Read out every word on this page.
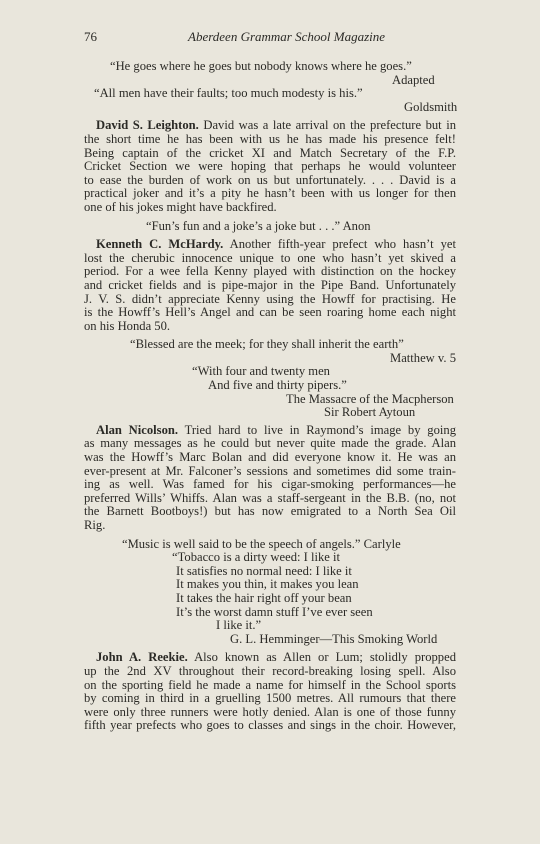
76	Aberdeen Grammar School Magazine
“He goes where he goes but nobody knows where he goes.”
Adapted
“All men have their faults; too much modesty is his.”
Goldsmith
David S. Leighton. David was a late arrival on the prefecture but in
the short time he has been with us he has made his presence felt!
Being captain of the cricket XI and Match Secretary of the F.P.
Cricket Section we were hoping that perhaps he would volunteer
to ease the burden of work on us but unfortunately. . . . David is a
practical joker and it’s a pity he hasn’t been with us longer for then
one of his jokes might have backfired.
“Fun’s fun and a joke’s a joke but . . .” Anon
Kenneth C. McHardy. Another fifth-year prefect who hasn’t yet
lost the cherubic innocence unique to one who hasn’t yet skived a
period. For a wee fella Kenny played with distinction on the hockey
and cricket fields and is pipe-major in the Pipe Band. Unfortunately
J. V. S. didn’t appreciate Kenny using the Howff for practising. He
is the Howff’s Hell’s Angel and can be seen roaring home each night
on his Honda 50.
“Blessed are the meek; for they shall inherit the earth”
Matthew v. 5
“With four and twenty men
And five and thirty pipers.”
The Massacre of the Macpherson
Sir Robert Aytoun
Alan Nicolson. Tried hard to live in Raymond’s image by going
as many messages as he could but never quite made the grade. Alan
was the Howff’s Marc Bolan and did everyone know it. He was an
ever-present at Mr. Falconer’s sessions and sometimes did some train-
ing as well. Was famed for his cigar-smoking performances—he
preferred Wills’ Whiffs. Alan was a staff-sergeant in the B.B. (no, not
the Barnett Bootboys!) but has now emigrated to a North Sea Oil
Rig.
“Music is well said to be the speech of angels.” Carlyle
“Tobacco is a dirty weed: I like it
It satisfies no normal need: I like it
It makes you thin, it makes you lean
It takes the hair right off your bean
It’s the worst damn stuff I’ve ever seen
I like it.”
G. L. Hemminger—This Smoking World
John A. Reekie. Also known as Allen or Lum; stolidly propped
up the 2nd XV throughout their record-breaking losing spell. Also
on the sporting field he made a name for himself in the School sports
by coming in third in a gruelling 1500 metres. All rumours that there
were only three runners were hotly denied. Alan is one of those funny
fifth year prefects who goes to classes and sings in the choir. However,
